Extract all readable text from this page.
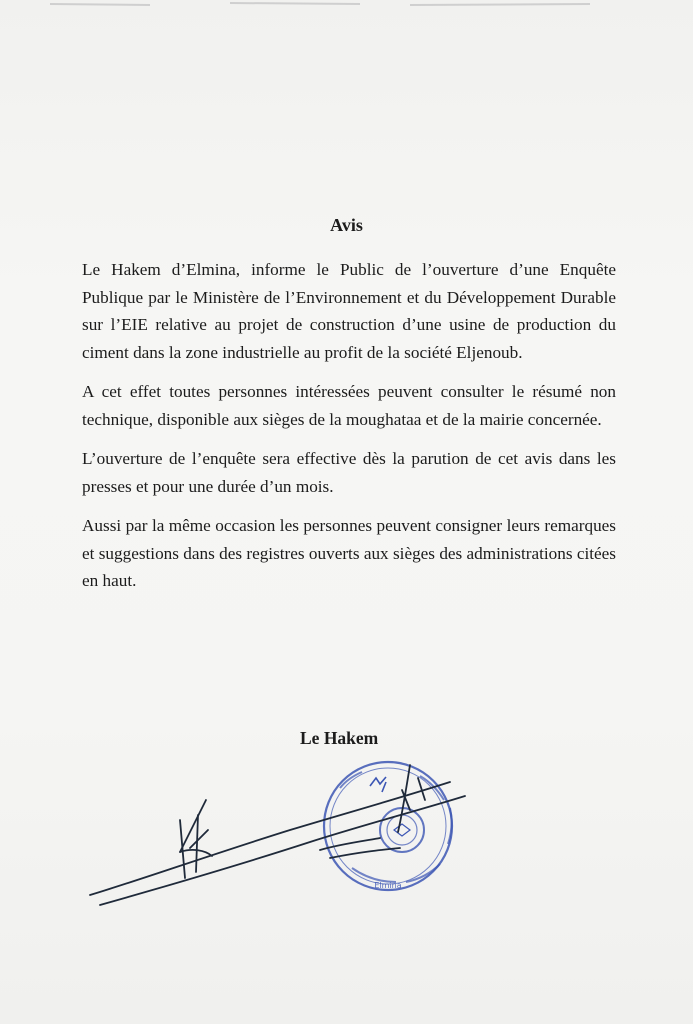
Avis

Le Hakem d’Elmina, informe le Public de l’ouverture d’une Enquête Publique par le Ministère de l’Environnement et du Développement Durable sur l’EIE relative au projet de construction d’une usine de production du ciment dans la zone industrielle au profit de la société Eljenoub.

A cet effet toutes personnes intéressées peuvent consulter le résumé non technique, disponible aux sièges de la moughataa et de la mairie concernée.

L’ouverture de l’enquête sera effective dès la parution de cet avis dans les presses et pour une durée d’un mois.

Aussi par la même occasion les personnes peuvent consigner leurs remarques et suggestions dans des registres ouverts aux sièges des administrations citées en haut.

Le Hakem
Elmina
